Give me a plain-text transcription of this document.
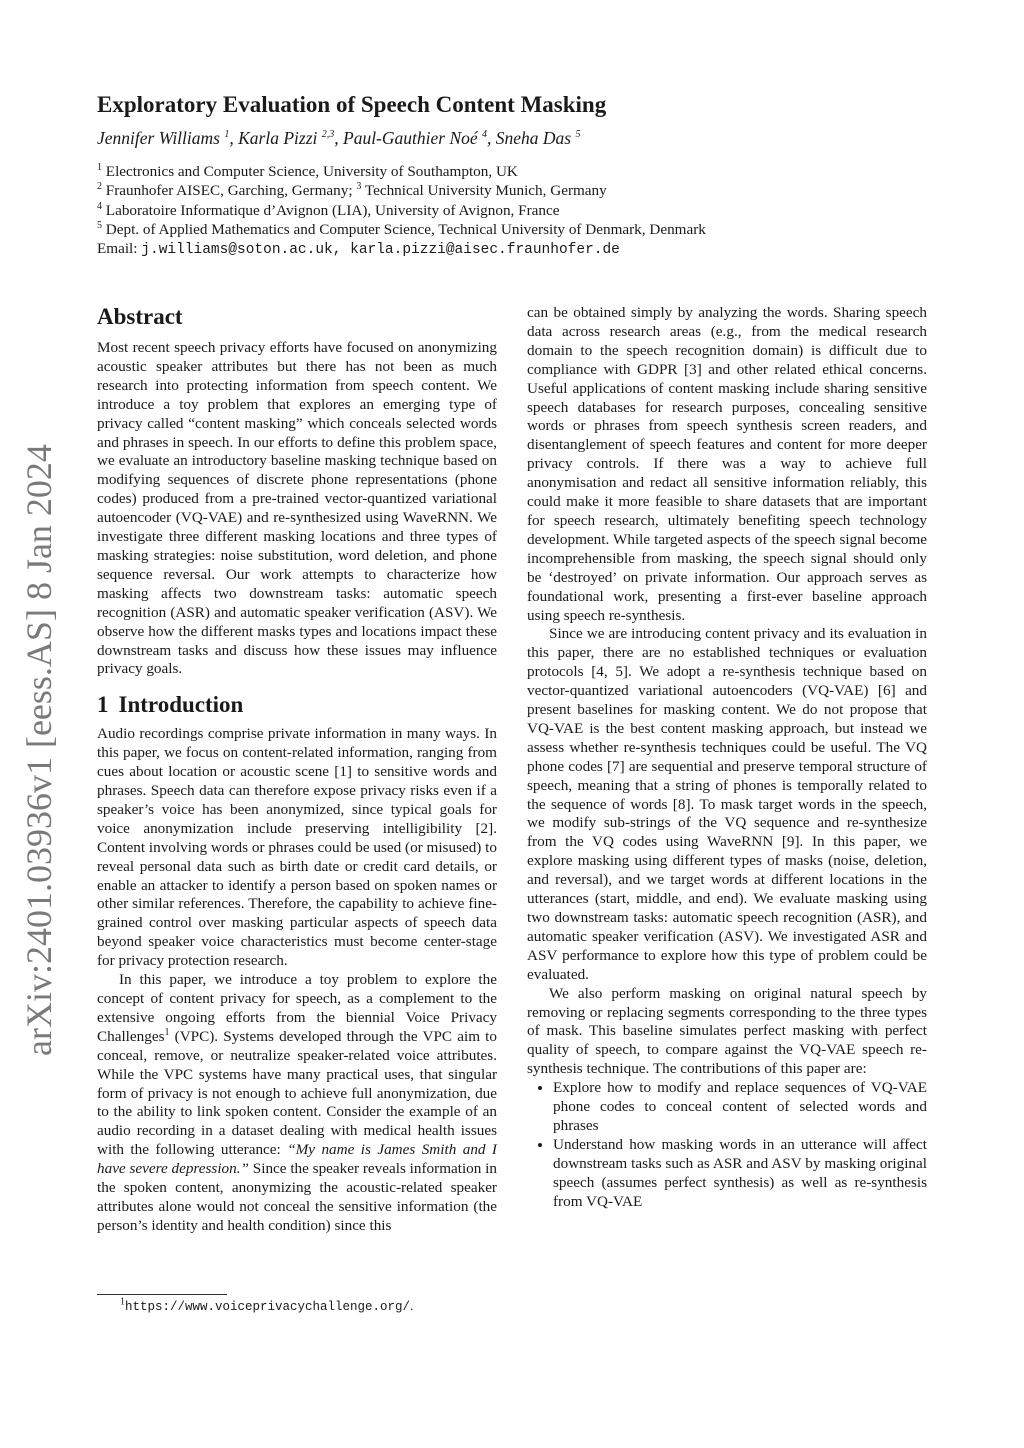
Exploratory Evaluation of Speech Content Masking
Jennifer Williams $^1$, Karla Pizzi $^{2,3}$, Paul-Gauthier Noé $^4$, Sneha Das $^5$
$^1$ Electronics and Computer Science, University of Southampton, UK
$^2$ Fraunhofer AISEC, Garching, Germany; $^3$ Technical University Munich, Germany
$^4$ Laboratoire Informatique d’Avignon (LIA), University of Avignon, France
$^5$ Dept. of Applied Mathematics and Computer Science, Technical University of Denmark, Denmark
Email: j.williams@soton.ac.uk, karla.pizzi@aisec.fraunhofer.de
arXiv:2401.03936v1 [eess.AS] 8 Jan 2024
Abstract

Most recent speech privacy efforts have focused on anonymizing acoustic speaker attributes but there has not been as much research into protecting information from speech content. We introduce a toy problem that explores an emerging type of privacy called “content masking” which conceals selected words and phrases in speech. In our efforts to define this problem space, we evaluate an introductory baseline masking technique based on modifying sequences of discrete phone representations (phone codes) produced from a pre-trained vector-quantized variational autoencoder (VQ-VAE) and re-synthesized using WaveRNN. We investigate three different masking locations and three types of masking strategies: noise substitution, word deletion, and phone sequence reversal. Our work attempts to characterize how masking affects two downstream tasks: automatic speech recognition (ASR) and automatic speaker verification (ASV). We observe how the different masks types and locations impact these downstream tasks and discuss how these issues may influence privacy goals.

1 Introduction

Audio recordings comprise private information in many ways. In this paper, we focus on content-related information, ranging from cues about location or acoustic scene [1] to sensitive words and phrases. Speech data can therefore expose privacy risks even if a speaker’s voice has been anonymized, since typical goals for voice anonymization include preserving intelligibility [2]. Content involving words or phrases could be used (or misused) to reveal personal data such as birth date or credit card details, or enable an attacker to identify a person based on spoken names or other similar references. Therefore, the capability to achieve fine-grained control over masking particular aspects of speech data beyond speaker voice characteristics must become center-stage for privacy protection research.

In this paper, we introduce a toy problem to explore the concept of content privacy for speech, as a complement to the extensive ongoing efforts from the biennial Voice Privacy Challenges$^1$ (VPC). Systems developed through the VPC aim to conceal, remove, or neutralize speaker-related voice attributes. While the VPC systems have many practical uses, that singular form of privacy is not enough to achieve full anonymization, due to the ability to link spoken content. Consider the example of an audio recording in a dataset dealing with medical health issues with the following utterance: “My name is James Smith and I have severe depression.” Since the speaker reveals information in the spoken content, anonymizing the acoustic-related speaker attributes alone would not conceal the sensitive information (the person’s identity and health condition) since this

can be obtained simply by analyzing the words. Sharing speech data across research areas (e.g., from the medical research domain to the speech recognition domain) is difficult due to compliance with GDPR [3] and other related ethical concerns. Useful applications of content masking include sharing sensitive speech databases for research purposes, concealing sensitive words or phrases from speech synthesis screen readers, and disentanglement of speech features and content for more deeper privacy controls. If there was a way to achieve full anonymisation and redact all sensitive information reliably, this could make it more feasible to share datasets that are important for speech research, ultimately benefiting speech technology development. While targeted aspects of the speech signal become incomprehensible from masking, the speech signal should only be ‘destroyed’ on private information. Our approach serves as foundational work, presenting a first-ever baseline approach using speech re-synthesis.

Since we are introducing content privacy and its evaluation in this paper, there are no established techniques or evaluation protocols [4, 5]. We adopt a re-synthesis technique based on vector-quantized variational autoencoders (VQ-VAE) [6] and present baselines for masking content. We do not propose that VQ-VAE is the best content masking approach, but instead we assess whether re-synthesis techniques could be useful. The VQ phone codes [7] are sequential and preserve temporal structure of speech, meaning that a string of phones is temporally related to the sequence of words [8]. To mask target words in the speech, we modify sub-strings of the VQ sequence and re-synthesize from the VQ codes using WaveRNN [9]. In this paper, we explore masking using different types of masks (noise, deletion, and reversal), and we target words at different locations in the utterances (start, middle, and end). We evaluate masking using two downstream tasks: automatic speech recognition (ASR), and automatic speaker verification (ASV). We investigated ASR and ASV performance to explore how this type of problem could be evaluated.

We also perform masking on original natural speech by removing or replacing segments corresponding to the three types of mask. This baseline simulates perfect masking with perfect quality of speech, to compare against the VQ-VAE speech re-synthesis technique. The contributions of this paper are:

• Explore how to modify and replace sequences of VQ-VAE phone codes to conceal content of selected words and phrases
• Understand how masking words in an utterance will affect downstream tasks such as ASR and ASV by masking original speech (assumes perfect synthesis) as well as re-synthesis from VQ-VAE
$^1$https://www.voiceprivacychallenge.org/.
